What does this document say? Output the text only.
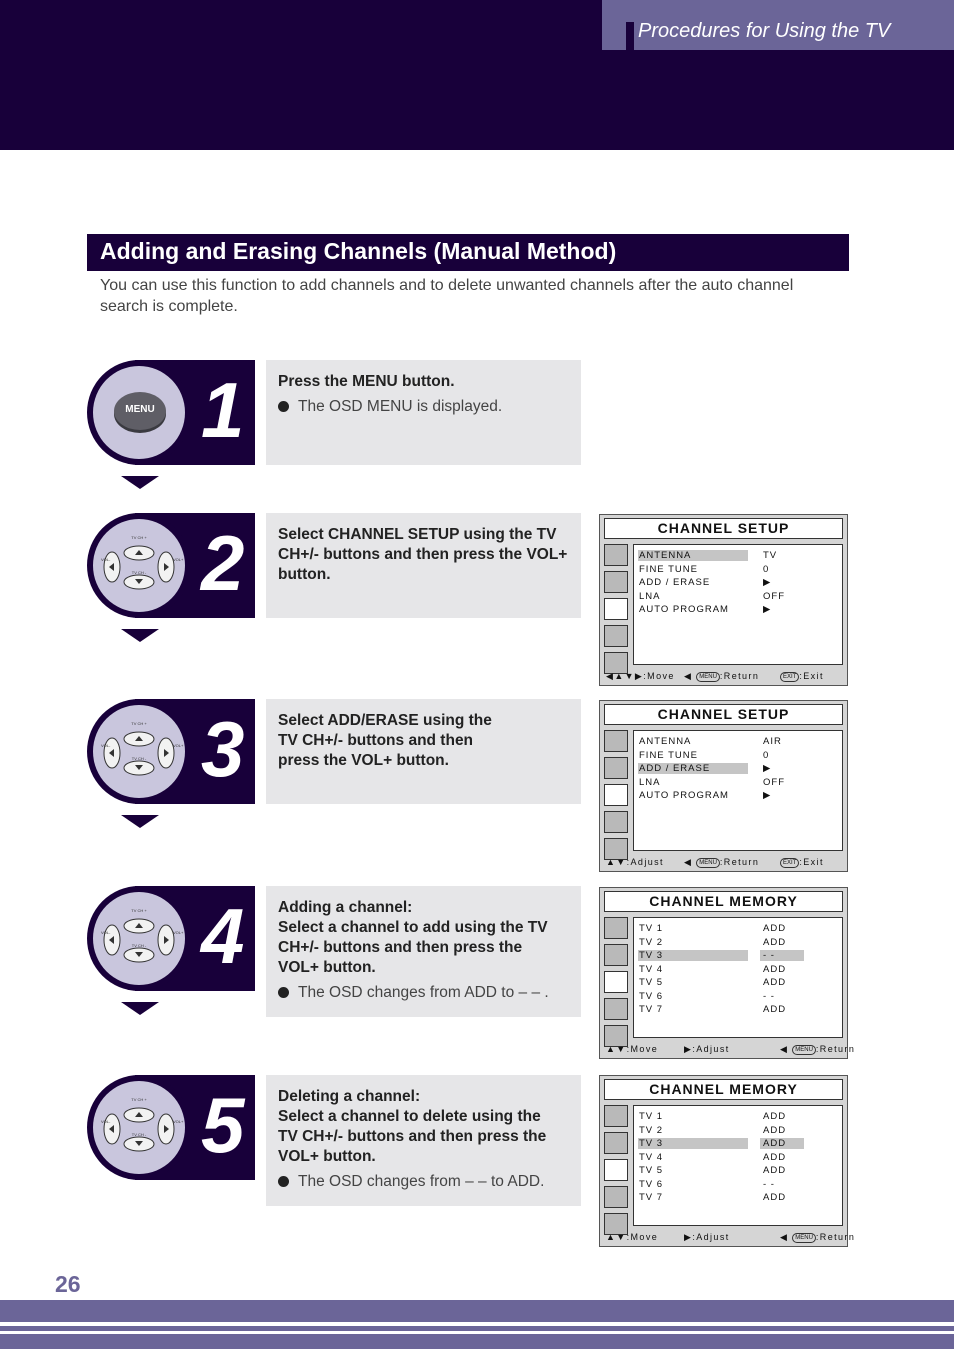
Procedures for Using the TV
Adding and Erasing Channels (Manual Method)
You can use this function to add channels and to delete unwanted channels after the auto channel search is complete.
MENU 1
TV CH +
TV CH -
VOL-	VOL+ 2
TV CH +
TV CH -
VOL-	VOL+ 3
TV CH +
TV CH -
VOL-	VOL+ 4
TV CH +
TV CH -
VOL-	VOL+ 5
Press the MENU button.
The OSD MENU is displayed.
Select CHANNEL SETUP using the TV CH+/- buttons and then press the VOL+ button.
Select ADD/ERASE using the TV CH+/- buttons and then press the VOL+ button.
Adding a channel:
Select a channel to add using the TV CH+/- buttons and then press the VOL+ button.
The OSD changes from ADD to – – .
Deleting a channel:
Select a channel to delete using the TV CH+/- buttons and then press the VOL+ button.
The OSD changes from – – to ADD.
CHANNEL SETUP
ANTENNA	TV
FINE TUNE	0
ADD / ERASE	▶
LNA	OFF
AUTO PROGRAM	▶
◀▲▼▶:Move ◀ MENU :Return	EXIT :Exit
CHANNEL SETUP
ANTENNA	AIR
FINE TUNE	0
ADD / ERASE	▶
LNA	OFF
AUTO PROGRAM	▶
▲▼:Adjust ◀ MENU :Return	EXIT :Exit
CHANNEL MEMORY
TV 1	ADD
TV 2	ADD
TV 3	- -
TV 4	ADD
TV 5	ADD
TV 6	- -
TV 7	ADD
▲▼:Move	▶:Adjust	◀ MENU :Return
CHANNEL MEMORY
TV 1	ADD
TV 2	ADD
TV 3	ADD
TV 4	ADD
TV 5	ADD
TV 6	- -
TV 7	ADD
▲▼:Move	▶:Adjust	◀ MENU :Return
26
